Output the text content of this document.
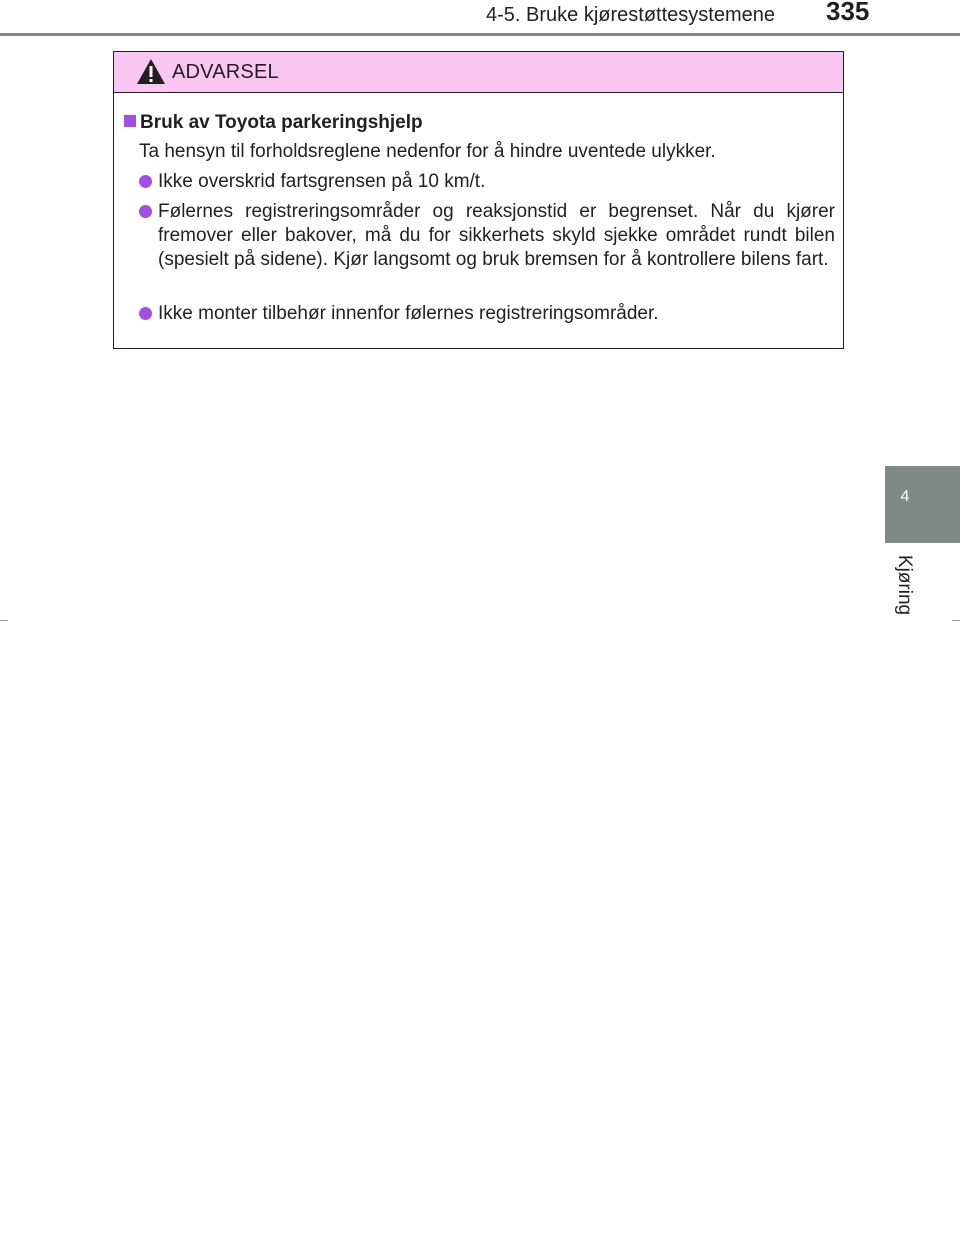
4-5. Bruke kjørestøttesystemene 335
4
Kjøring
ADVARSEL
Bruk av Toyota parkeringshjelp
Ta hensyn til forholdsreglene nedenfor for å hindre uventede ulykker.
Ikke overskrid fartsgrensen på 10 km/t.
Følernes registreringsområder og reaksjonstid er begrenset. Når du kjører fremover eller bakover, må du for sikkerhets skyld sjekke området rundt bilen (spesielt på sidene). Kjør langsomt og bruk bremsen for å kontrollere bilens fart.
Ikke monter tilbehør innenfor følernes registreringsområder.
